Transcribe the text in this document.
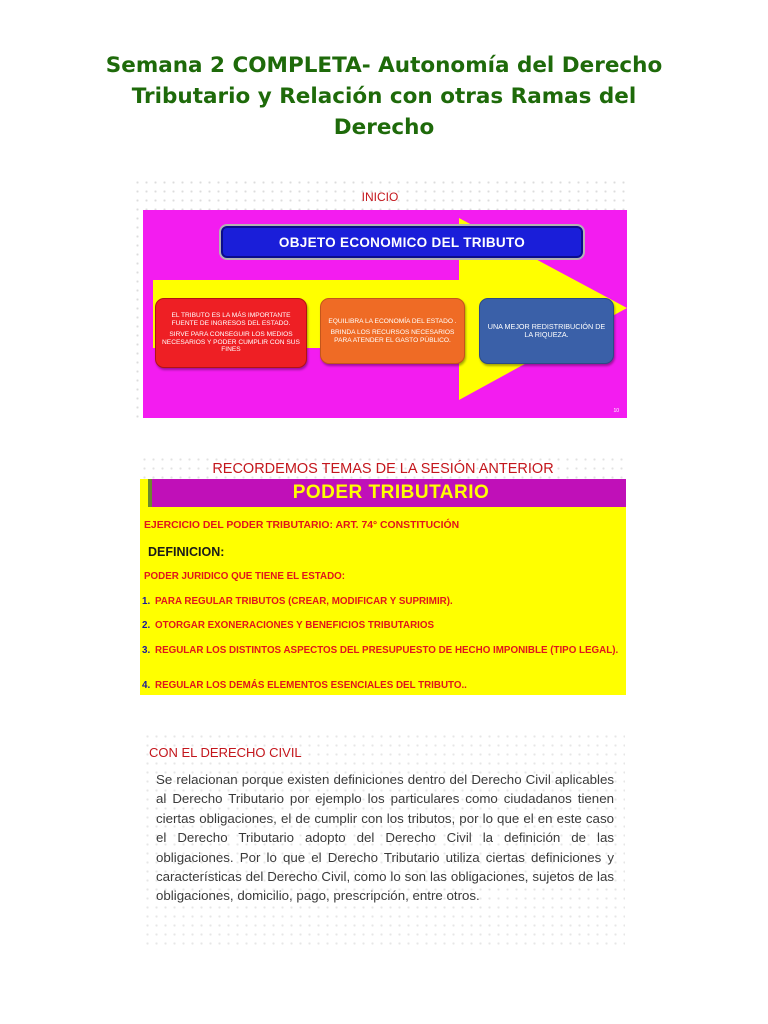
Semana 2 COMPLETA- Autonomía del Derecho
Tributario y Relación con otras Ramas del
Derecho
INICIO
OBJETO ECONOMICO DEL TRIBUTO

EL TRIBUTO ES LA MÁS IMPORTANTE FUENTE DE INGRESOS DEL ESTADO.

SIRVE PARA CONSEGUIR LOS MEDIOS NECESARIOS Y PODER CUMPLIR CON SUS FINES

EQUILIBRA LA ECONOMÍA DEL ESTADO .

BRINDA LOS RECURSOS NECESARIOS PARA ATENDER EL GASTO PÚBLICO.

UNA MEJOR REDISTRIBUCIÓN DE LA RIQUEZA.

10
RECORDEMOS TEMAS DE LA SESIÓN ANTERIOR
PODER TRIBUTARIO
EJERCICIO DEL PODER TRIBUTARIO: ART. 74° CONSTITUCIÓN
DEFINICION:
PODER JURIDICO QUE TIENE EL ESTADO:
1. PARA REGULAR TRIBUTOS (CREAR, MODIFICAR Y SUPRIMIR).
2. OTORGAR EXONERACIONES Y BENEFICIOS TRIBUTARIOS
3. REGULAR LOS DISTINTOS ASPECTOS DEL PRESUPUESTO DE HECHO IMPONIBLE (TIPO LEGAL).
4. REGULAR LOS DEMÁS ELEMENTOS ESENCIALES DEL TRIBUTO..
CON EL DERECHO CIVIL

Se relacionan porque existen definiciones dentro del Derecho Civil aplicables al Derecho Tributario por ejemplo los particulares como ciudadanos tienen ciertas obligaciones, el de cumplir con los tributos, por lo que el en este caso el Derecho Tributario adopto del Derecho Civil la definición de las obligaciones. Por lo que el Derecho Tributario utiliza ciertas definiciones y características del Derecho Civil, como lo son las obligaciones, sujetos de las obligaciones, domicilio, pago, prescripción, entre otros.
